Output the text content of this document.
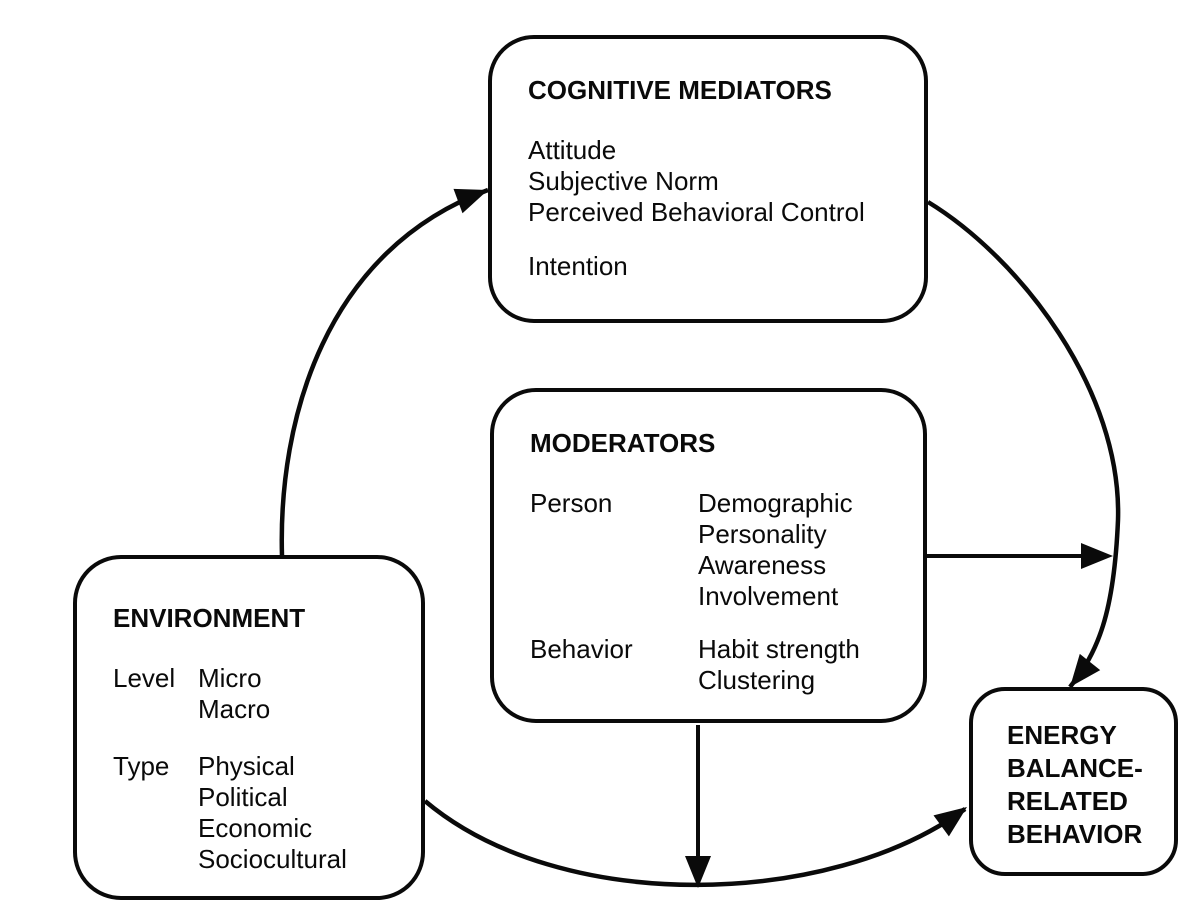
COGNITIVE MEDIATORS
Attitude
Subjective Norm
Perceived Behavioral Control
Intention
MODERATORS
Person	Demographic
Personality
Awareness
Involvement
Behavior	Habit strength
Clustering
ENVIRONMENT
Level Micro
Macro
Type	Physical
Political
Economic
Sociocultural
ENERGY
BALANCE-
RELATED
BEHAVIOR
